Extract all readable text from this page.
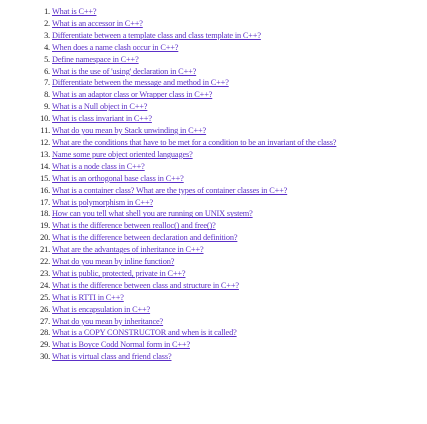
1. What is C++?
2. What is an accessor in C++?
3. Differentiate between a template class and class template in C++?
4. When does a name clash occur in C++?
5. Define namespace in C++?
6. What is the use of 'using' declaration in C++?
7. Differentiate between the message and method in C++?
8. What is an adaptor class or Wrapper class in C++?
9. What is a Null object in C++?
10. What is class invariant in C++?
11. What do you mean by Stack unwinding in C++?
12. What are the conditions that have to be met for a condition to be an invariant of the class?
13. Name some pure object oriented languages?
14. What is a node class in C++?
15. What is an orthogonal base class in C++?
16. What is a container class? What are the types of container classes in C++?
17. What is polymorphism in C++?
18. How can you tell what shell you are running on UNIX system?
19. What is the difference between realloc() and free()?
20. What is the difference between declaration and definition?
21. What are the advantages of inheritance in C++?
22. What do you mean by inline function?
23. What is public, protected, private in C++?
24. What is the difference between class and structure in C++?
25. What is RTTI in C++?
26. What is encapsulation in C++?
27. What do you mean by inheritance?
28. What is a COPY CONSTRUCTOR and when is it called?
29. What is Boyce Codd Normal form in C++?
30. What is virtual class and friend class?
